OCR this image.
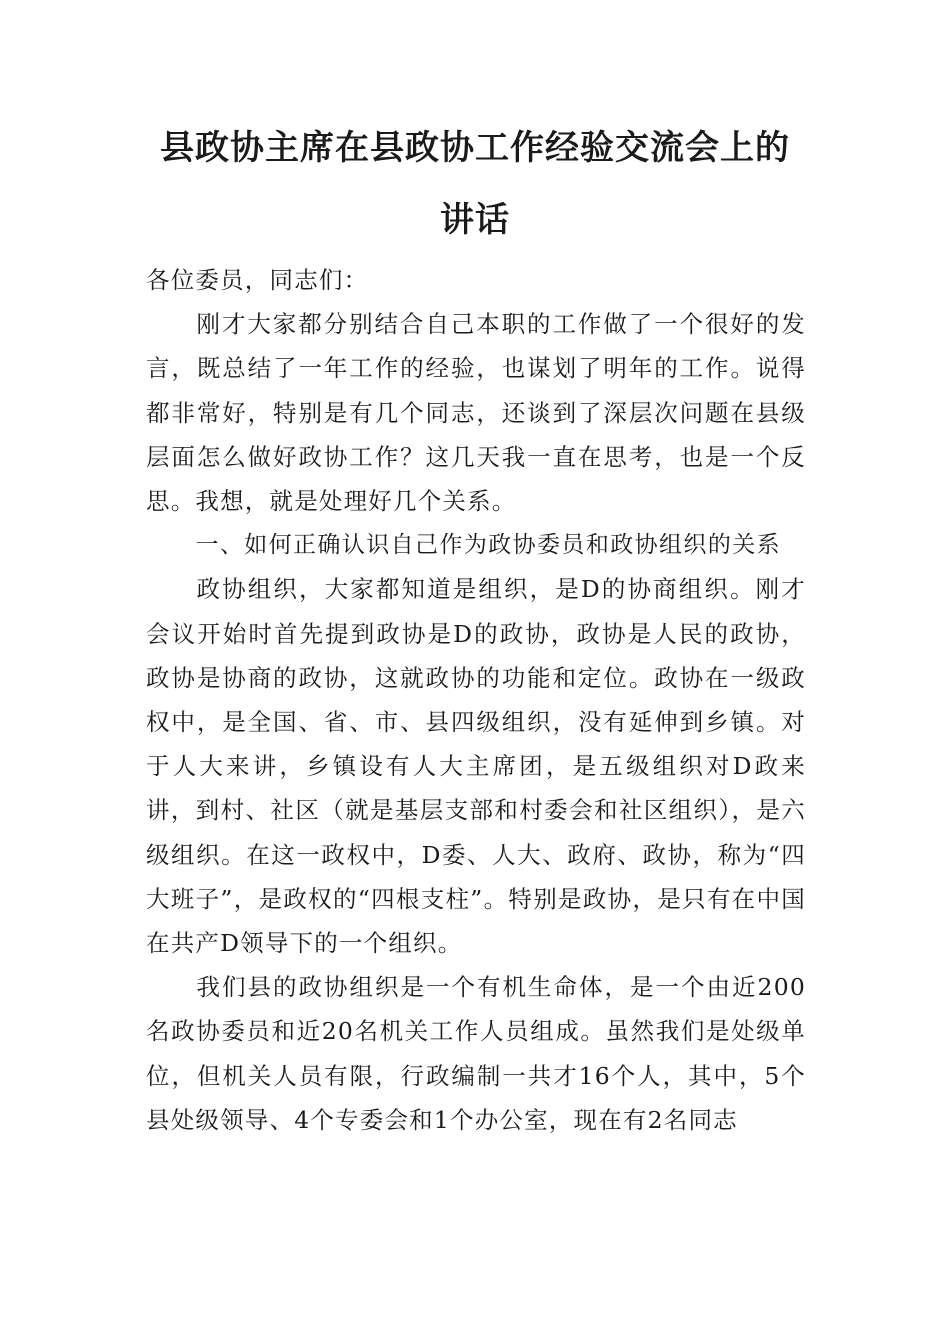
县政协主席在县政协工作经验交流会上的
讲话

各位委员，同志们：

刚才大家都分别结合自己本职的工作做了一个很好的发言，既总结了一年工作的经验，也谋划了明年的工作。说得都非常好，特别是有几个同志，还谈到了深层次问题在县级层面怎么做好政协工作？这几天我一直在思考，也是一个反思。我想，就是处理好几个关系。

一、如何正确认识自己作为政协委员和政协组织的关系

政协组织，大家都知道是组织，是D的协商组织。刚才会议开始时首先提到政协是D的政协，政协是人民的政协，政协是协商的政协，这就政协的功能和定位。政协在一级政权中，是全国、省、市、县四级组织，没有延伸到乡镇。对于人大来讲，乡镇设有人大主席团，是五级组织对D政来讲，到村、社区（就是基层支部和村委会和社区组织），是六级组织。在这一政权中，D委、人大、政府、政协，称为“四大班子”，是政权的“四根支柱”。特别是政协，是只有在中国在共产D领导下的一个组织。

我们县的政协组织是一个有机生命体，是一个由近200名政协委员和近20名机关工作人员组成。虽然我们是处级单位，但机关人员有限，行政编制一共才16个人，其中，5个县处级领导、4个专委会和1个办公室，现在有2名同志
